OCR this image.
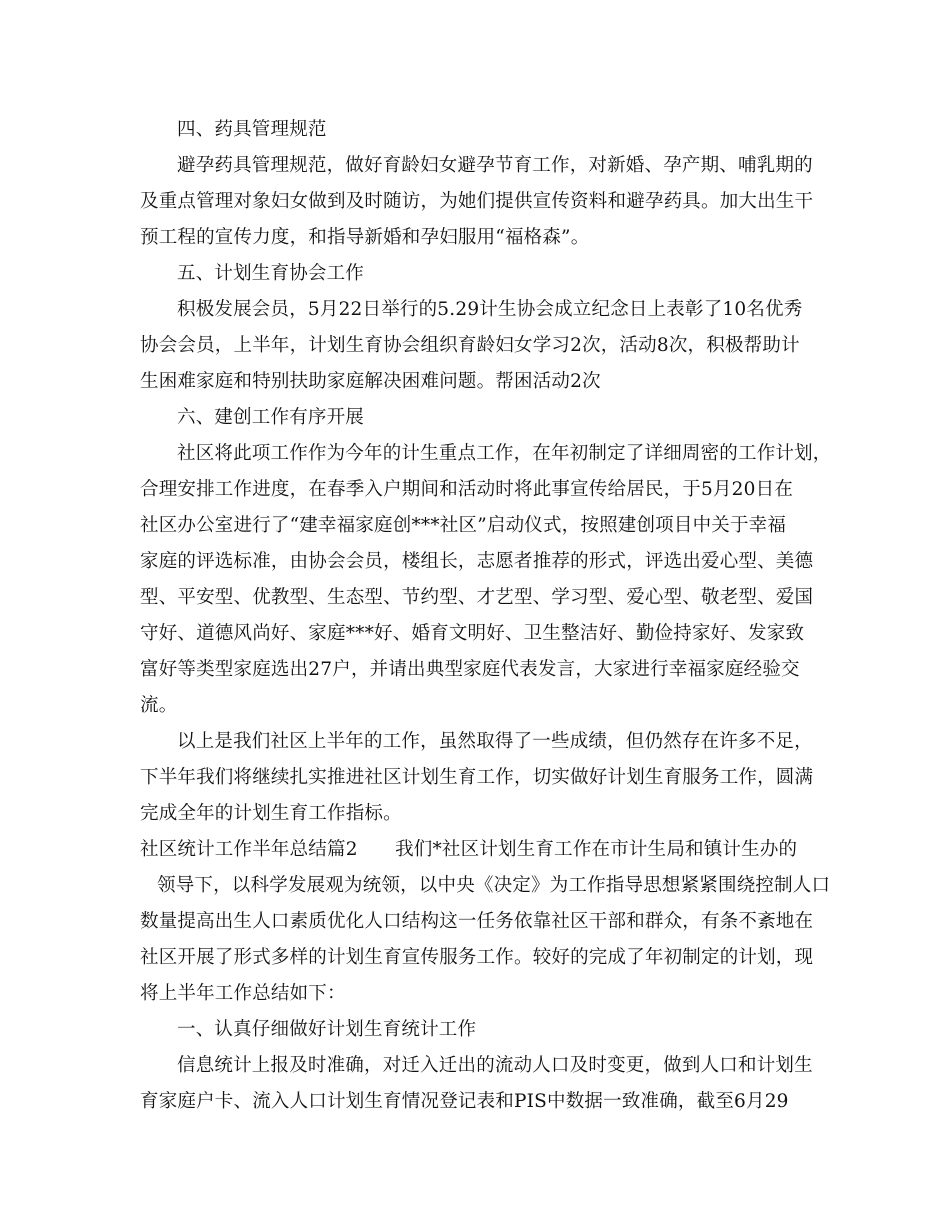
四、药具管理规范
避孕药具管理规范，做好育龄妇女避孕节育工作，对新婚、孕产期、哺乳期的
及重点管理对象妇女做到及时随访，为她们提供宣传资料和避孕药具。加大出生干
预工程的宣传力度，和指导新婚和孕妇服用“福格森”。
五、计划生育协会工作
积极发展会员，5月22日举行的5.29计生协会成立纪念日上表彰了10名优秀
协会会员，上半年，计划生育协会组织育龄妇女学习2次，活动8次，积极帮助计
生困难家庭和特别扶助家庭解决困难问题。帮困活动2次
六、建创工作有序开展
社区将此项工作作为今年的计生重点工作，在年初制定了详细周密的工作计划，
合理安排工作进度，在春季入户期间和活动时将此事宣传给居民，于5月20日在
社区办公室进行了“建幸福家庭创***社区”启动仪式，按照建创项目中关于幸福
家庭的评选标准，由协会会员，楼组长，志愿者推荐的形式，评选出爱心型、美德
型、平安型、优教型、生态型、节约型、才艺型、学习型、爱心型、敬老型、爱国
守好、道德风尚好、家庭***好、婚育文明好、卫生整洁好、勤俭持家好、发家致
富好等类型家庭选出27户，并请出典型家庭代表发言，大家进行幸福家庭经验交
流。
以上是我们社区上半年的工作，虽然取得了一些成绩，但仍然存在许多不足，
下半年我们将继续扎实推进社区计划生育工作，切实做好计划生育服务工作，圆满
完成全年的计划生育工作指标。
社区统计工作半年总结篇2　　我们*社区计划生育工作在市计生局和镇计生办的
领导下，以科学发展观为统领，以中央《决定》为工作指导思想紧紧围绕控制人口
数量提高出生人口素质优化人口结构这一任务依靠社区干部和群众，有条不紊地在
社区开展了形式多样的计划生育宣传服务工作。较好的完成了年初制定的计划，现
将上半年工作总结如下：
一、认真仔细做好计划生育统计工作
信息统计上报及时准确，对迁入迁出的流动人口及时变更，做到人口和计划生
育家庭户卡、流入人口计划生育情况登记表和PIS中数据一致准确，截至6月29
